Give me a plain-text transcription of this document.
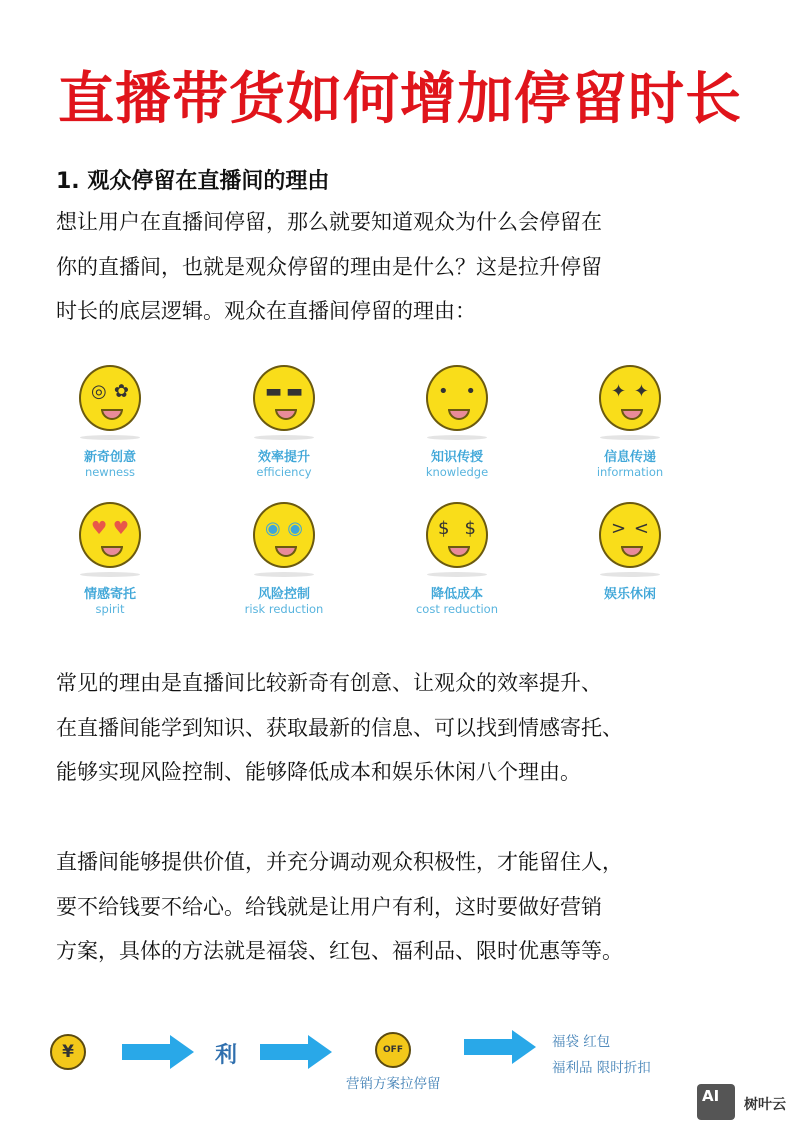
直播带货如何增加停留时长
1. 观众停留在直播间的理由
想让用户在直播间停留，那么就要知道观众为什么会停留在
你的直播间，也就是观众停留的理由是什么？这是拉升停留
时长的底层逻辑。观众在直播间停留的理由：
◎ ✿
新奇创意
newness
▬ ▬
效率提升
efficiency
• •
知识传授
knowledge
✦ ✦
信息传递
information
♥ ♥
情感寄托
spirit
◉ ◉
风险控制
risk reduction
$ $
降低成本
cost reduction
> <
娱乐休闲
常见的理由是直播间比较新奇有创意、让观众的效率提升、
在直播间能学到知识、获取最新的信息、可以找到情感寄托、
能够实现风险控制、能够降低成本和娱乐休闲八个理由。
直播间能够提供价值，并充分调动观众积极性，才能留住人，
要不给钱要不给心。给钱就是让用户有利，这时要做好营销
方案，具体的方法就是福袋、红包、福利品、限时优惠等等。
¥	利	OFF
营销方案拉停留
福袋 红包
福利品 限时折扣
AI	树叶云
